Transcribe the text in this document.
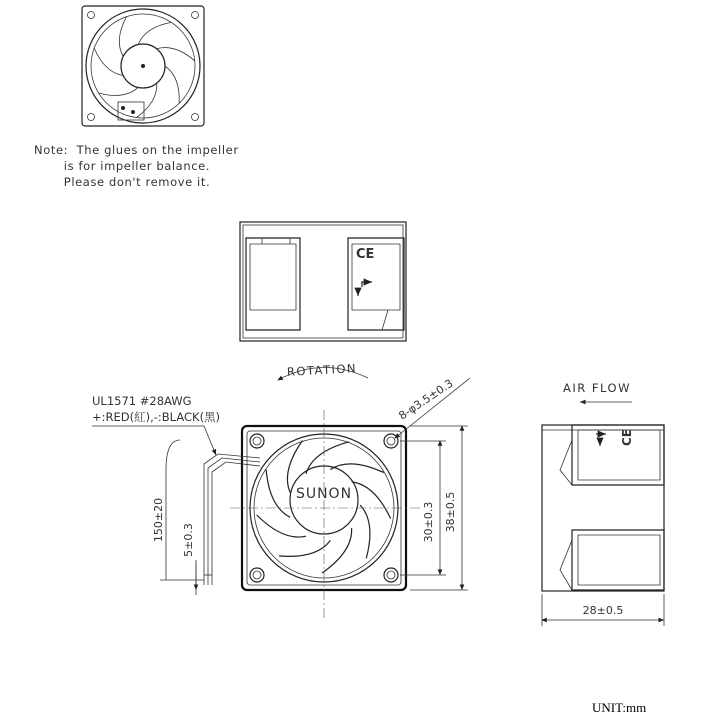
CE
SUNON
ROTATION
8-φ3.5±0.3
UL1571 #28AWG
+:RED(紅),-:BLACK(黑)
150±20 5±0.3	30±0.3 38±0.5
AIR FLOW
CE
28±0.5
Note: The glues on the impeller
is for impeller balance.
Please don't remove it.
UNIT:mm
